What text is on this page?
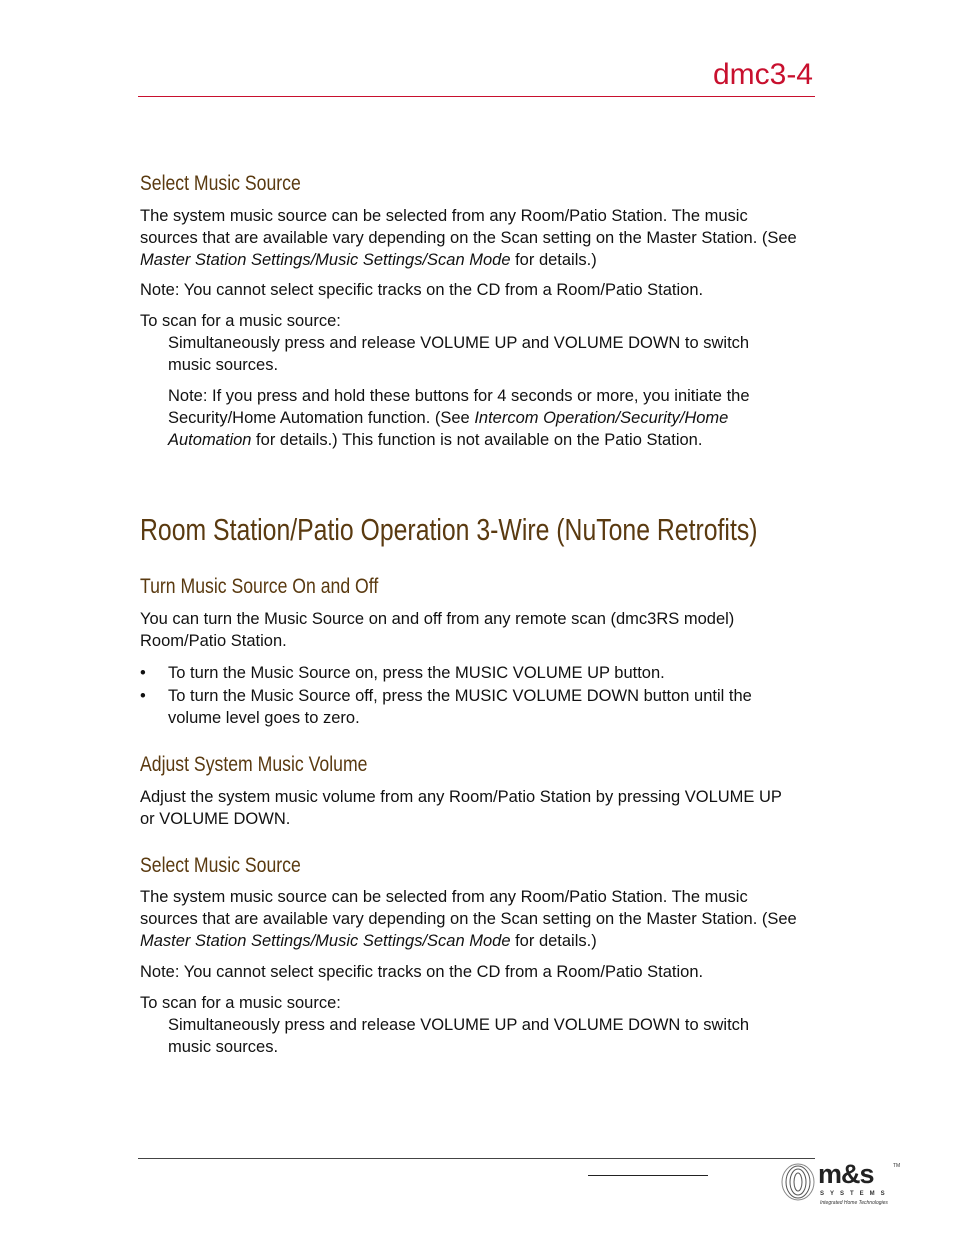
dmc3-4
Select Music Source
The system music source can be selected from any Room/Patio Station. The music
sources that are available vary depending on the Scan setting on the Master Station. (See
Master Station Settings/Music Settings/Scan Mode for details.)
Note: You cannot select specific tracks on the CD from a Room/Patio Station.
To scan for a music source:
Simultaneously press and release VOLUME UP and VOLUME DOWN to switch
music sources.
Note: If you press and hold these buttons for 4 seconds or more, you initiate the
Security/Home Automation function. (See Intercom Operation/Security/Home
Automation for details.) This function is not available on the Patio Station.
Room Station/Patio Operation 3-Wire (NuTone Retrofits)
Turn Music Source On and Off
You can turn the Music Source on and off from any remote scan (dmc3RS model)
Room/Patio Station.
• To turn the Music Source on, press the MUSIC VOLUME UP button.
• To turn the Music Source off, press the MUSIC VOLUME DOWN button until the
volume level goes to zero.
Adjust System Music Volume
Adjust the system music volume from any Room/Patio Station by pressing VOLUME UP
or VOLUME DOWN.
Select Music Source
The system music source can be selected from any Room/Patio Station. The music
sources that are available vary depending on the Scan setting on the Master Station. (See
Master Station Settings/Music Settings/Scan Mode for details.)
Note: You cannot select specific tracks on the CD from a Room/Patio Station.
To scan for a music source:
Simultaneously press and release VOLUME UP and VOLUME DOWN to switch
music sources.
m&s	TM
SYSTEMS
Integrated Home Technologies
